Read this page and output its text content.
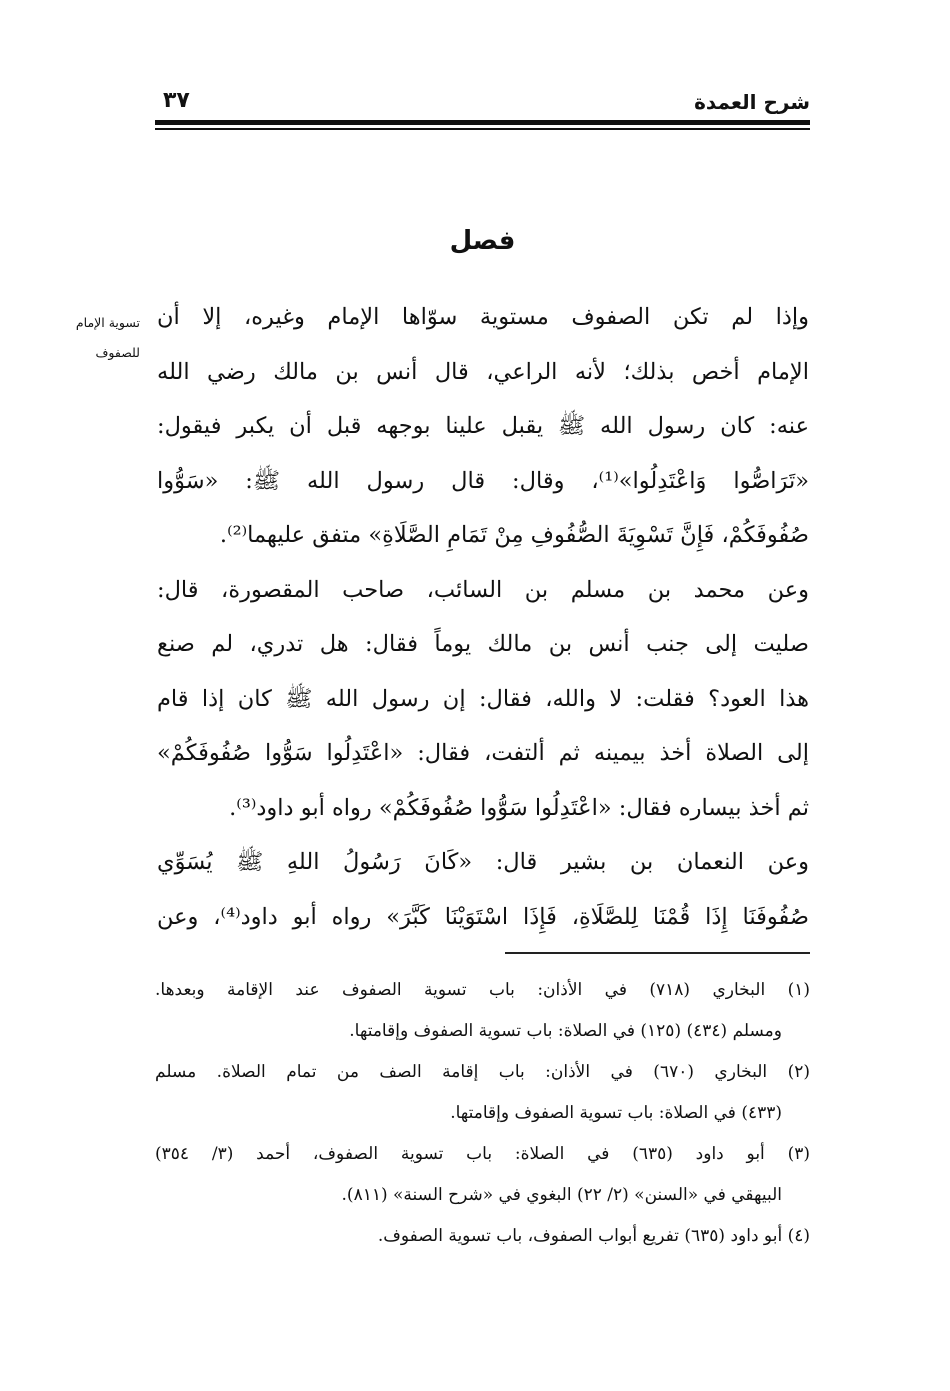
شرح العمدة
٣٧
فصل
تسوية الإمام
للصفوف
وإذا لم تكن الصفوف مستوية سوّاها الإمام وغيره، إلا أن
الإمام أخص بذلك؛ لأنه الراعي، قال أنس بن مالك رضي الله
عنه: كان رسول الله ﷺ يقبل علينا بوجهه قبل أن يكبر فيقول:
«تَرَاصُّوا وَاعْتَدِلُوا»⁽¹⁾، وقال: قال رسول الله ﷺ: «سَوُّوا
صُفُوفَكُمْ، فَإِنَّ تَسْوِيَةَ الصُّفُوفِ مِنْ تَمَامِ الصَّلَاةِ» متفق عليهما⁽²⁾.
وعن محمد بن مسلم بن السائب، صاحب المقصورة، قال:
صليت إلى جنب أنس بن مالك يوماً فقال: هل تدري، لم صنع
هذا العود؟ فقلت: لا والله، فقال: إن رسول الله ﷺ كان إذا قام
إلى الصلاة أخذ بيمينه ثم ألتفت، فقال: «اعْتَدِلُوا سَوُّوا صُفُوفَكُمْ»
ثم أخذ بيساره فقال: «اعْتَدِلُوا سَوُّوا صُفُوفَكُمْ» رواه أبو داود⁽³⁾.
وعن النعمان بن بشير قال: «كَانَ رَسُولُ اللهِ ﷺ يُسَوِّي
صُفُوفَنَا إِذَا قُمْنَا لِلصَّلَاةِ، فَإِذَا اسْتَوَيْنَا كَبَّرَ» رواه أبو داود⁽⁴⁾، وعن
(١) البخاري (٧١٨) في الأذان: باب تسوية الصفوف عند الإقامة وبعدها.
ومسلم (٤٣٤) (١٢٥) في الصلاة: باب تسوية الصفوف وإقامتها.
(٢) البخاري (٦٧٠) في الأذان: باب إقامة الصف من تمام الصلاة. مسلم
(٤٣٣) في الصلاة: باب تسوية الصفوف وإقامتها.
(٣) أبو داود (٦٣٥) في الصلاة: باب تسوية الصفوف، أحمد (٣/ ٣٥٤)
البيهقي في «السنن» (٢/ ٢٢) البغوي في «شرح السنة» (٨١١).
(٤) أبو داود (٦٣٥) تفريع أبواب الصفوف، باب تسوية الصفوف.
